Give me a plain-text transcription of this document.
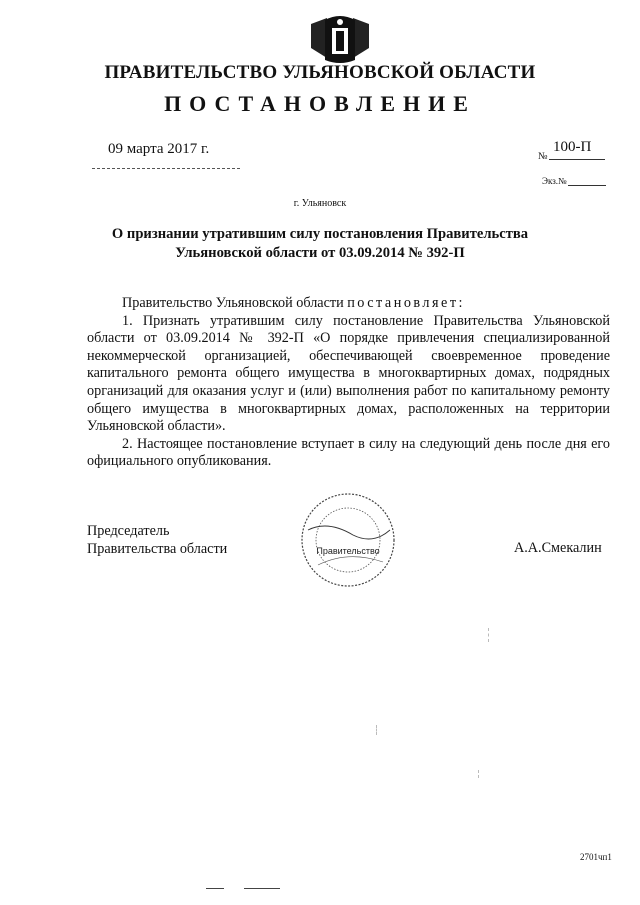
ПРАВИТЕЛЬСТВО УЛЬЯНОВСКОЙ ОБЛАСТИ
ПОСТАНОВЛЕНИЕ
09 марта 2017 г.	№
100-П
Экз.№
г. Ульяновск
О признании утратившим силу постановления Правительства
Ульяновской области от 03.09.2014 № 392-П

Правительство Ульяновской области постановляет:

1. Признать утратившим силу постановление Правительства Ульяновской области от 03.09.2014 № 392-П «О порядке привлечения специализированной некоммерческой организацией, обеспечивающей своевременное проведение капитального ремонта общего имущества в многоквартирных домах, подрядных организаций для оказания услуг и (или) выполнения работ по капитальному ремонту общего имущества в многоквартирных домах, расположенных на территории Ульяновской области».

2. Настоящее постановление вступает в силу на следующий день после дня его официального опубликования.

Председатель
Правительства области	Правительство	А.А.Смекалин
2701чп1
